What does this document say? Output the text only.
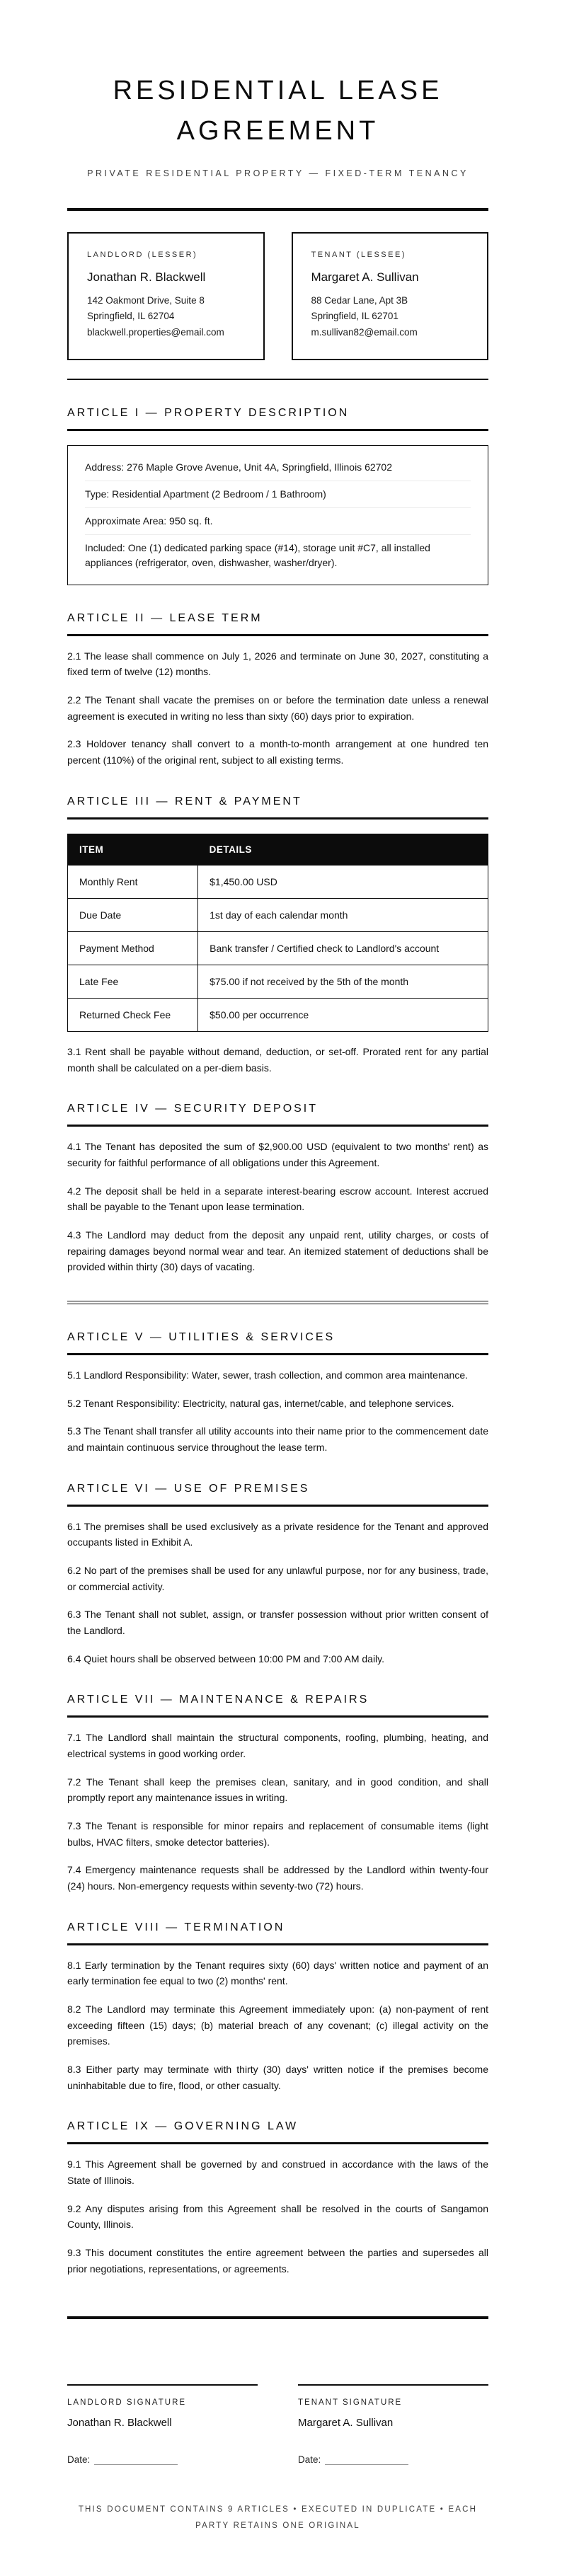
RESIDENTIAL LEASE AGREEMENT
PRIVATE RESIDENTIAL PROPERTY — FIXED-TERM TENANCY
LANDLORD (LESSER)
Jonathan R. Blackwell
142 Oakmont Drive, Suite 8
Springfield, IL 62704
blackwell.properties@email.com
TENANT (LESSEE)
Margaret A. Sullivan
88 Cedar Lane, Apt 3B
Springfield, IL 62701
m.sullivan82@email.com
ARTICLE I — PROPERTY DESCRIPTION
Address: 276 Maple Grove Avenue, Unit 4A, Springfield, Illinois 62702
Type: Residential Apartment (2 Bedroom / 1 Bathroom)
Approximate Area: 950 sq. ft.
Included: One (1) dedicated parking space (#14), storage unit #C7, all installed appliances (refrigerator, oven, dishwasher, washer/dryer).
ARTICLE II — LEASE TERM

2.1 The lease shall commence on July 1, 2026 and terminate on June 30, 2027, constituting a fixed term of twelve (12) months.

2.2 The Tenant shall vacate the premises on or before the termination date unless a renewal agreement is executed in writing no less than sixty (60) days prior to expiration.

2.3 Holdover tenancy shall convert to a month-to-month arrangement at one hundred ten percent (110%) of the original rent, subject to all existing terms.

ARTICLE III — RENT & PAYMENT
ITEM	DETAILS
Monthly Rent	$1,450.00 USD
Due Date	1st day of each calendar month
Payment Method	Bank transfer / Certified check to Landlord's account
Late Fee	$75.00 if not received by the 5th of the month
Returned Check Fee	$50.00 per occurrence

3.1 Rent shall be payable without demand, deduction, or set-off. Prorated rent for any partial month shall be calculated on a per-diem basis.

ARTICLE IV — SECURITY DEPOSIT

4.1 The Tenant has deposited the sum of $2,900.00 USD (equivalent to two months' rent) as security for faithful performance of all obligations under this Agreement.

4.2 The deposit shall be held in a separate interest-bearing escrow account. Interest accrued shall be payable to the Tenant upon lease termination.

4.3 The Landlord may deduct from the deposit any unpaid rent, utility charges, or costs of repairing damages beyond normal wear and tear. An itemized statement of deductions shall be provided within thirty (30) days of vacating.

ARTICLE V — UTILITIES & SERVICES

5.1 Landlord Responsibility: Water, sewer, trash collection, and common area maintenance.

5.2 Tenant Responsibility: Electricity, natural gas, internet/cable, and telephone services.

5.3 The Tenant shall transfer all utility accounts into their name prior to the commencement date and maintain continuous service throughout the lease term.

ARTICLE VI — USE OF PREMISES

6.1 The premises shall be used exclusively as a private residence for the Tenant and approved occupants listed in Exhibit A.

6.2 No part of the premises shall be used for any unlawful purpose, nor for any business, trade, or commercial activity.

6.3 The Tenant shall not sublet, assign, or transfer possession without prior written consent of the Landlord.

6.4 Quiet hours shall be observed between 10:00 PM and 7:00 AM daily.

ARTICLE VII — MAINTENANCE & REPAIRS

7.1 The Landlord shall maintain the structural components, roofing, plumbing, heating, and electrical systems in good working order.

7.2 The Tenant shall keep the premises clean, sanitary, and in good condition, and shall promptly report any maintenance issues in writing.

7.3 The Tenant is responsible for minor repairs and replacement of consumable items (light bulbs, HVAC filters, smoke detector batteries).

7.4 Emergency maintenance requests shall be addressed by the Landlord within twenty-four (24) hours. Non-emergency requests within seventy-two (72) hours.

ARTICLE VIII — TERMINATION

8.1 Early termination by the Tenant requires sixty (60) days' written notice and payment of an early termination fee equal to two (2) months' rent.

8.2 The Landlord may terminate this Agreement immediately upon: (a) non-payment of rent exceeding fifteen (15) days; (b) material breach of any covenant; (c) illegal activity on the premises.

8.3 Either party may terminate with thirty (30) days' written notice if the premises become uninhabitable due to fire, flood, or other casualty.

ARTICLE IX — GOVERNING LAW

9.1 This Agreement shall be governed by and construed in accordance with the laws of the State of Illinois.

9.2 Any disputes arising from this Agreement shall be resolved in the courts of Sangamon County, Illinois.

9.3 This document constitutes the entire agreement between the parties and supersedes all prior negotiations, representations, or agreements.

LANDLORD SIGNATURE
Jonathan R. Blackwell
Date:
TENANT SIGNATURE
Margaret A. Sullivan
Date:
THIS DOCUMENT CONTAINS 9 ARTICLES • EXECUTED IN DUPLICATE • EACH PARTY RETAINS ONE ORIGINAL
